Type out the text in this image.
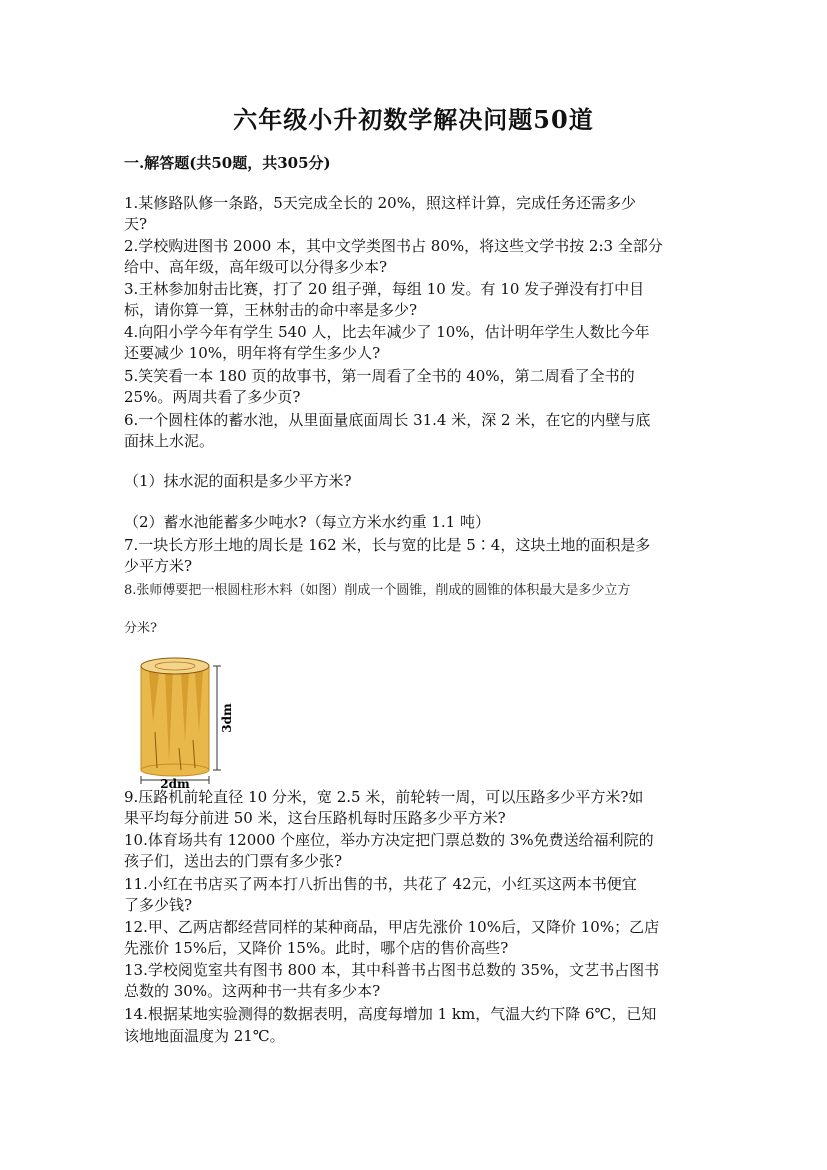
六年级小升初数学解决问题50道
一.解答题(共50题，共305分)
1.某修路队修一条路，5天完成全长的 20%，照这样计算，完成任务还需多少
天?
2.学校购进图书 2000 本，其中文学类图书占 80%，将这些文学书按 2:3 全部分
给中、高年级，高年级可以分得多少本?
3.王林参加射击比赛，打了 20 组子弹，每组 10 发。有 10 发子弹没有打中目
标，请你算一算，王林射击的命中率是多少?
4.向阳小学今年有学生 540 人，比去年减少了 10%，估计明年学生人数比今年
还要减少 10%，明年将有学生多少人?
5.笑笑看一本 180 页的故事书，第一周看了全书的 40%，第二周看了全书的
25%。两周共看了多少页?
6.一个圆柱体的蓄水池，从里面量底面周长 31.4 米，深 2 米，在它的内壁与底
面抹上水泥。
（1）抹水泥的面积是多少平方米?
（2）蓄水池能蓄多少吨水?（每立方米水约重 1.1 吨）
7.一块长方形土地的周长是 162 米，长与宽的比是 5∶4，这块土地的面积是多
少平方米?
8.张师傅要把一根圆柱形木料（如图）削成一个圆锥，削成的圆锥的体积最大是多少立方
分米?
3dm
2dm
9.压路机前轮直径 10 分米，宽 2.5 米，前轮转一周，可以压路多少平方米?如
果平均每分前进 50 米，这台压路机每时压路多少平方米?
10.体育场共有 12000 个座位，举办方决定把门票总数的 3%免费送给福利院的
孩子们，送出去的门票有多少张?
11.小红在书店买了两本打八折出售的书，共花了 42元，小红买这两本书便宜
了多少钱?
12.甲、乙两店都经营同样的某种商品，甲店先涨价 10%后，又降价 10%；乙店
先涨价 15%后，又降价 15%。此时，哪个店的售价高些?
13.学校阅览室共有图书 800 本，其中科普书占图书总数的 35%，文艺书占图书
总数的 30%。这两种书一共有多少本?
14.根据某地实验测得的数据表明，高度每增加 1 km，气温大约下降 6℃，已知
该地地面温度为 21℃。
